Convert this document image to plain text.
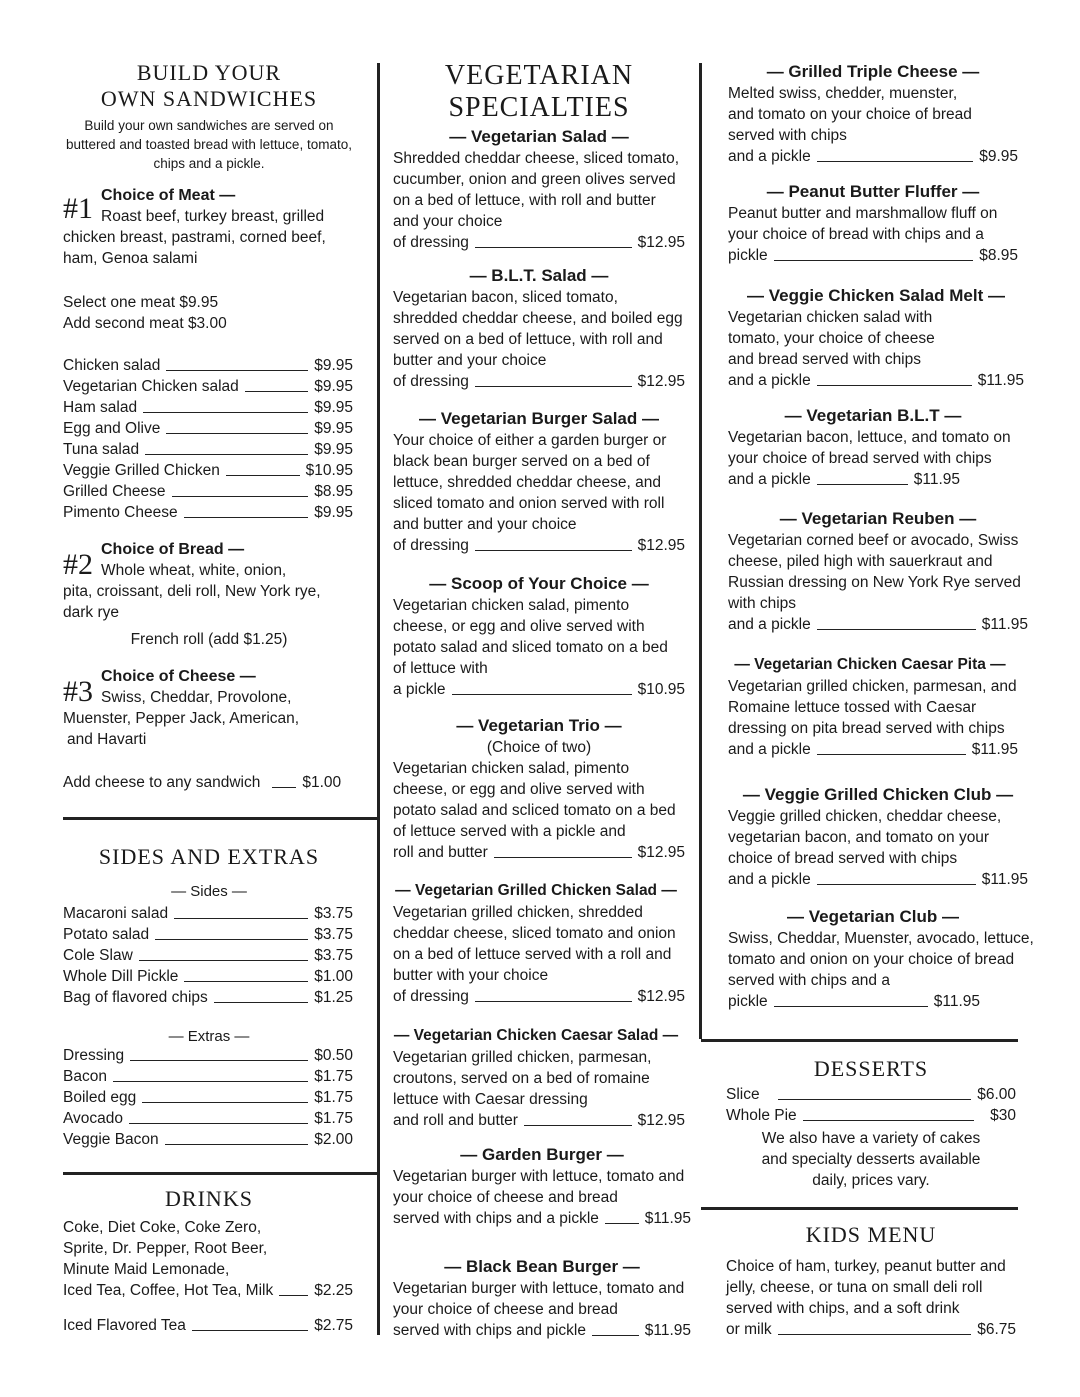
BUILD YOUR
OWN SANDWICHES
Build your own sandwiches are served on buttered and toasted bread with lettuce, tomato, chips and a pickle.
#1 Choice of Meat —
Roast beef, turkey breast, grilled
chicken breast, pastrami, corned beef, ham, Genoa salami
Select one meat $9.95
Add second meat $3.00
Chicken salad	$9.95
Vegetarian Chicken salad	$9.95
Ham salad	$9.95
Egg and Olive	$9.95
Tuna salad	$9.95
Veggie Grilled Chicken	$10.95
Grilled Cheese	$8.95
Pimento Cheese	$9.95
#2 Choice of Bread —
Whole wheat, white, onion,
pita, croissant, deli roll, New York rye, dark rye
French roll (add $1.25)
#3 Choice of Cheese —
Swiss, Cheddar, Provolone,
Muenster, Pepper Jack, American,
and Havarti
Add cheese to any sandwich	$1.00
SIDES AND EXTRAS
— Sides —
Macaroni salad	$3.75
Potato salad	$3.75
Cole Slaw	$3.75
Whole Dill Pickle	$1.00
Bag of flavored chips	$1.25
— Extras —
Dressing	$0.50
Bacon	$1.75
Boiled egg	$1.75
Avocado	$1.75
Veggie Bacon	$2.00
DRINKS
Coke, Diet Coke, Coke Zero,
Sprite, Dr. Pepper, Root Beer,
Minute Maid Lemonade,
Iced Tea, Coffee, Hot Tea, Milk	$2.25
Iced Flavored Tea	$2.75
VEGETARIAN
SPECIALTIES
— Vegetarian Salad —
Shredded cheddar cheese, sliced tomato, cucumber, onion and green olives served on a bed of lettuce, with roll and butter and your choice
of dressing	$12.95
— B.L.T. Salad —
Vegetarian bacon, sliced tomato, shredded cheddar cheese, and boiled egg served on a bed of lettuce, with roll and butter and your choice
of dressing	$12.95
— Vegetarian Burger Salad —
Your choice of either a garden burger or black bean burger served on a bed of lettuce, shredded cheddar cheese, and sliced tomato and onion served with roll and butter and your choice
of dressing	$12.95
— Scoop of Your Choice —
Vegetarian chicken salad, pimento cheese, or egg and olive served with potato salad and sliced tomato on a bed of lettuce with
a pickle	$10.95
— Vegetarian Trio —
(Choice of two)
Vegetarian chicken salad, pimento cheese, or egg and olive served with potato salad and scliced tomato on a bed of lettuce served with a pickle and
roll and butter	$12.95
— Vegetarian Grilled Chicken Salad —
Vegetarian grilled chicken, shredded cheddar cheese, sliced tomato and onion on a bed of lettuce served with a roll and butter with your choice
of dressing	$12.95
— Vegetarian Chicken Caesar Salad —
Vegetarian grilled chicken, parmesan, croutons, served on a bed of romaine lettuce with Caesar dressing
and roll and butter	$12.95
— Garden Burger —
Vegetarian burger with lettuce, tomato and your choice of cheese and bread
served with chips and a pickle	$11.95
— Black Bean Burger —
Vegetarian burger with lettuce, tomato and your choice of cheese and bread
served with chips and pickle	$11.95
— Grilled Triple Cheese —
Melted swiss, chedder, muenster, and tomato on your choice of bread served with chips
and a pickle	$9.95
— Peanut Butter Fluffer —
Peanut butter and marshmallow fluff on your choice of bread with chips and a
pickle	$8.95
— Veggie Chicken Salad Melt —
Vegetarian chicken salad with tomato, your choice of cheese and bread served with chips
and a pickle	$11.95
— Vegetarian B.L.T —
Vegetarian bacon, lettuce, and tomato on your choice of bread served with chips
and a pickle	$11.95
— Vegetarian Reuben —
Vegetarian corned beef or avocado, Swiss cheese, piled high with sauerkraut and Russian dressing on New York Rye served with chips
and a pickle	$11.95
— Vegetarian Chicken Caesar Pita —
Vegetarian grilled chicken, parmesan, and Romaine lettuce tossed with Caesar dressing on pita bread served with chips
and a pickle	$11.95
— Veggie Grilled Chicken Club —
Veggie grilled chicken, cheddar cheese, vegetarian bacon, and tomato on your choice of bread served with chips
and a pickle	$11.95
— Vegetarian Club —
Swiss, Cheddar, Muenster, avocado, lettuce, tomato and onion on your choice of bread served with chips and a
pickle	$11.95
DESSERTS
Slice	$6.00
Whole Pie	$30
We also have a variety of cakes and specialty desserts available daily, prices vary.
KIDS MENU
Choice of ham, turkey, peanut butter and jelly, cheese, or tuna on small deli roll served with chips, and a soft drink
or milk	$6.75
